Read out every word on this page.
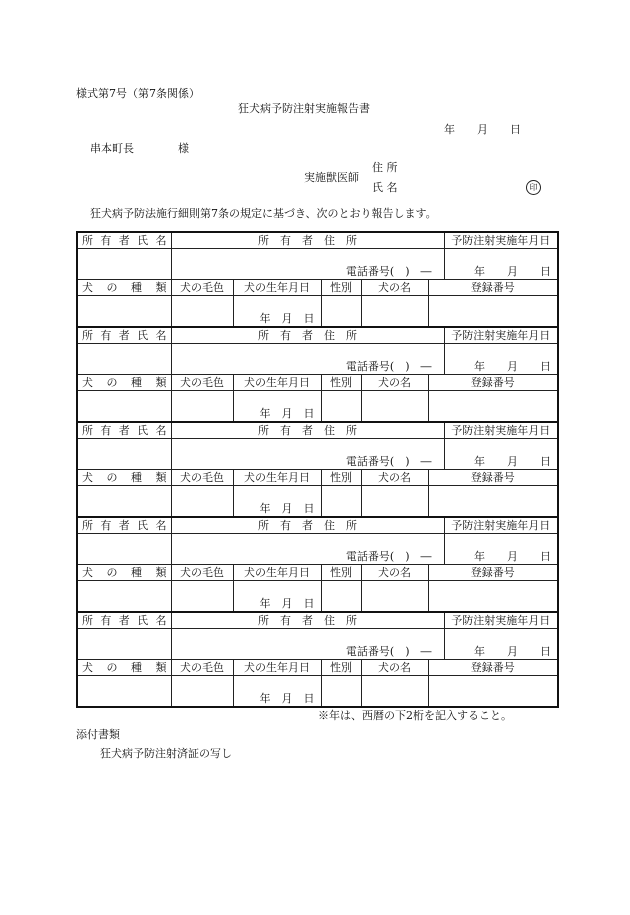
様式第7号（第7条関係）
狂犬病予防注射実施報告書
年　　月　　日
串本町長　　　　様
住 所
実施獣医師
氏 名	印
狂犬病予防法施行細則第7条の規定に基づき、次のとおり報告します。
所有者氏名	所　有　者　住　所					予防注射実施年月日
	電話番号(　)　―					年　　月　　日
犬の種類	犬の毛色	犬の生年月日	性別	犬の名	登録番号	
		年　月　日				
所有者氏名	所　有　者　住　所					予防注射実施年月日
	電話番号(　)　―					年　　月　　日
犬の種類	犬の毛色	犬の生年月日	性別	犬の名	登録番号	
		年　月　日				
所有者氏名	所　有　者　住　所					予防注射実施年月日
	電話番号(　)　―					年　　月　　日
犬の種類	犬の毛色	犬の生年月日	性別	犬の名	登録番号	
		年　月　日				
所有者氏名	所　有　者　住　所					予防注射実施年月日
	電話番号(　)　―					年　　月　　日
犬の種類	犬の毛色	犬の生年月日	性別	犬の名	登録番号	
		年　月　日				
所有者氏名	所　有　者　住　所					予防注射実施年月日
	電話番号(　)　―					年　　月　　日
犬の種類	犬の毛色	犬の生年月日	性別	犬の名	登録番号	
		年　月　日				
※年は、西暦の下2桁を記入すること。
添付書類
狂犬病予防注射済証の写し
